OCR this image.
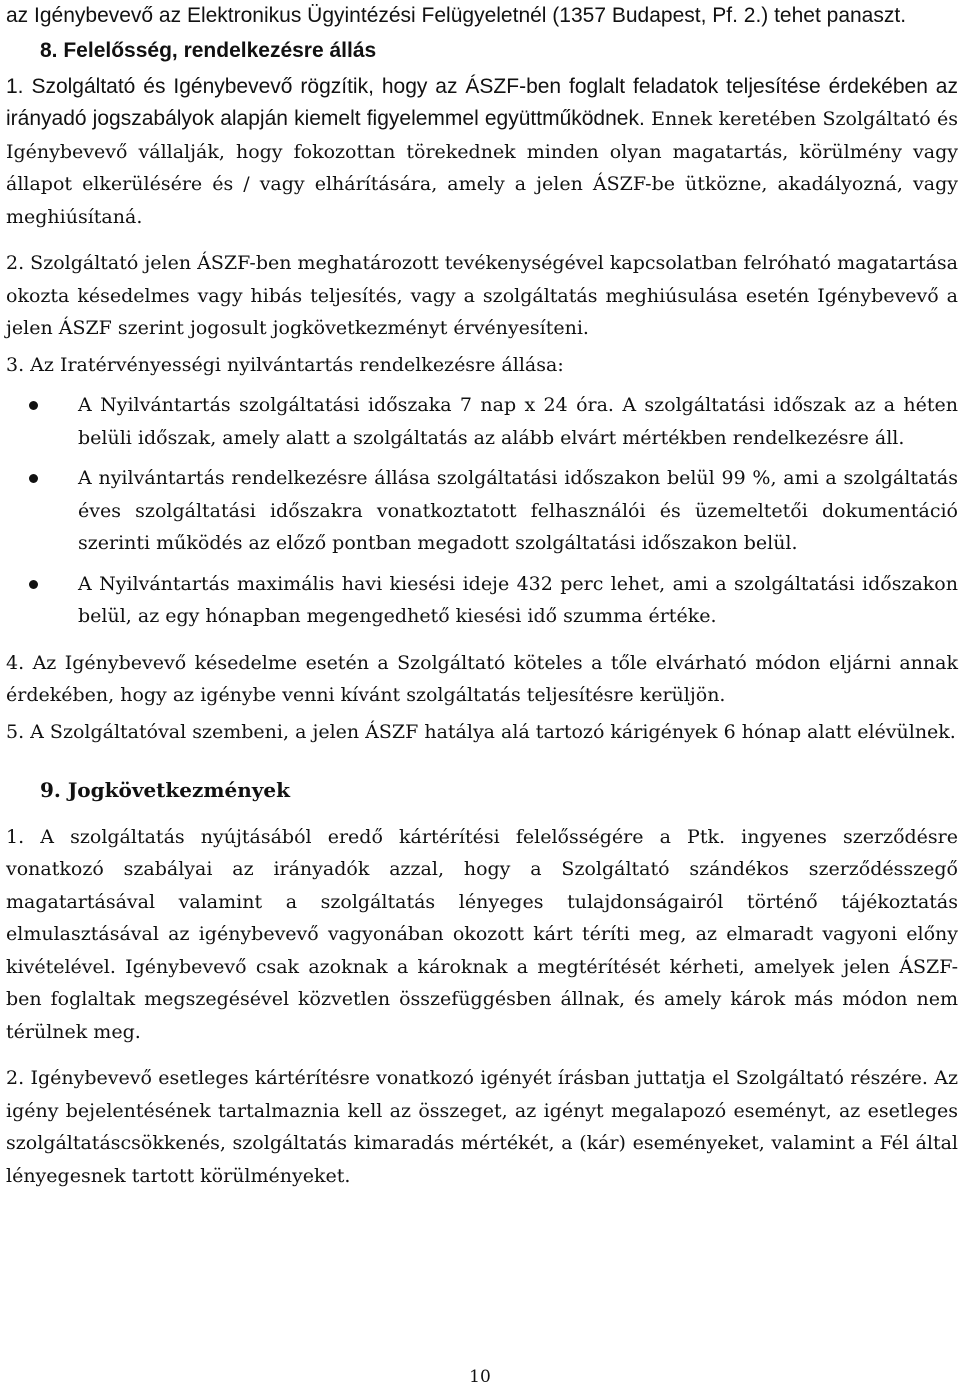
az Igénybevevő az Elektronikus Ügyintézési Felügyeletnél (1357 Budapest, Pf. 2.) tehet panaszt.

8. Felelősség, rendelkezésre állás

1. Szolgáltató és Igénybevevő rögzítik, hogy az ÁSZF-ben foglalt feladatok teljesítése érdekében az irányadó jogszabályok alapján kiemelt figyelemmel együttműködnek. Ennek keretében Szolgáltató és Igénybevevő vállalják, hogy fokozottan törekednek minden olyan magatartás, körülmény vagy állapot elkerülésére és / vagy elhárítására, amely a jelen ÁSZF-be ütközne, akadályozná, vagy meghiúsítaná.

2. Szolgáltató jelen ÁSZF-ben meghatározott tevékenységével kapcsolatban felróható magatartása okozta késedelmes vagy hibás teljesítés, vagy a szolgáltatás meghiúsulása esetén Igénybevevő a jelen ÁSZF szerint jogosult jogkövetkezményt érvényesíteni.

3. Az Iratérvényességi nyilvántartás rendelkezésre állása:

A Nyilvántartás szolgáltatási időszaka 7 nap x 24 óra. A szolgáltatási időszak az a héten belüli időszak, amely alatt a szolgáltatás az alább elvárt mértékben rendelkezésre áll.
A nyilvántartás rendelkezésre állása szolgáltatási időszakon belül 99 %, ami a szolgáltatás éves szolgáltatási időszakra vonatkoztatott felhasználói és üzemeltetői dokumentáció szerinti működés az előző pontban megadott szolgáltatási időszakon belül.
A Nyilvántartás maximális havi kiesési ideje 432 perc lehet, ami a szolgáltatási időszakon belül, az egy hónapban megengedhető kiesési idő szumma értéke.

4. Az Igénybevevő késedelme esetén a Szolgáltató köteles a tőle elvárható módon eljárni annak érdekében, hogy az igénybe venni kívánt szolgáltatás teljesítésre kerüljön.

5. A Szolgáltatóval szembeni, a jelen ÁSZF hatálya alá tartozó kárigények 6 hónap alatt elévülnek.

9. Jogkövetkezmények

1. A szolgáltatás nyújtásából eredő kártérítési felelősségére a Ptk. ingyenes szerződésre vonatkozó szabályai az irányadók azzal, hogy a Szolgáltató szándékos szerződésszegő magatartásával valamint a szolgáltatás lényeges tulajdonságairól történő tájékoztatás elmulasztásával az igénybevevő vagyonában okozott kárt téríti meg, az elmaradt vagyoni előny kivételével. Igénybevevő csak azoknak a károknak a megtérítését kérheti, amelyek jelen ÁSZF-ben foglaltak megszegésével közvetlen összefüggésben állnak, és amely károk más módon nem térülnek meg.

2. Igénybevevő esetleges kártérítésre vonatkozó igényét írásban juttatja el Szolgáltató részére. Az igény bejelentésének tartalmaznia kell az összeget, az igényt megalapozó eseményt, az esetleges szolgáltatáscsökkenés, szolgáltatás kimaradás mértékét, a (kár) eseményeket, valamint a Fél által lényegesnek tartott körülményeket.

10
